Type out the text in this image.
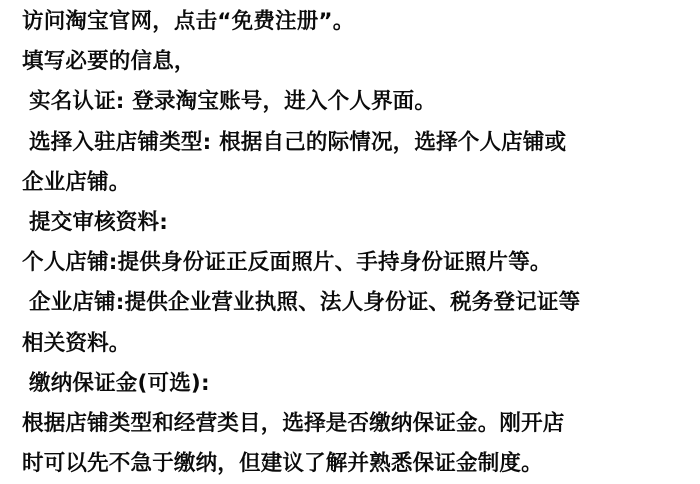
访问淘宝官网，点击“免费注册”。
填写必要的信息，
实名认证: 登录淘宝账号，进入个人界面。
选择入驻店铺类型: 根据自己的际情况，选择个人店铺或
企业店铺。
提交审核资料:
个人店铺:提供身份证正反面照片、手持身份证照片等。
企业店铺:提供企业营业执照、法人身份证、税务登记证等
相关资料。
缴纳保证金(可选):
根据店铺类型和经营类目，选择是否缴纳保证金。刚开店
时可以先不急于缴纳，但建议了解并熟悉保证金制度。
